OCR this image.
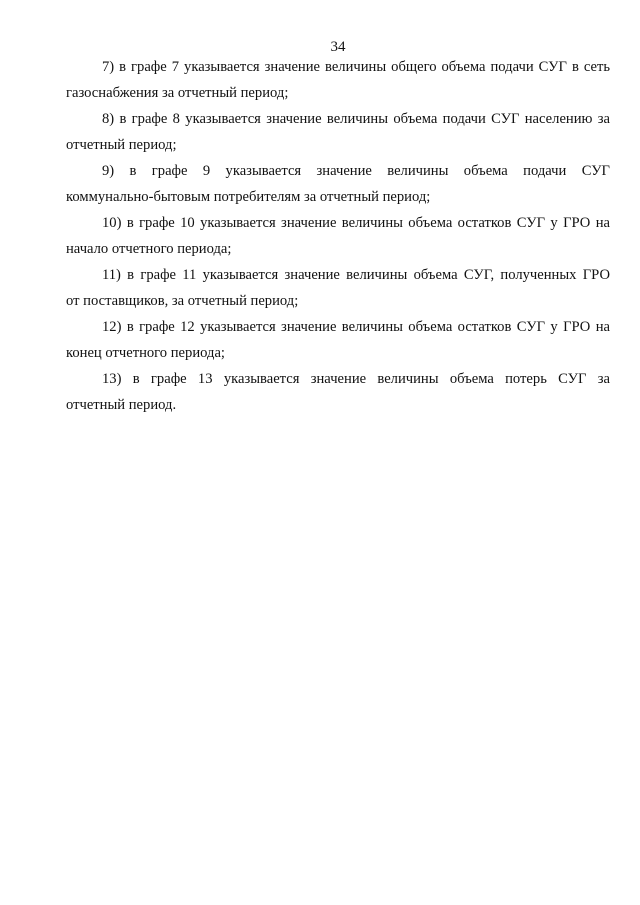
34
7) в графе 7 указывается значение величины общего объема подачи СУГ в сеть
газоснабжения за отчетный период;
8) в графе 8 указывается значение величины объема подачи СУГ населению за
отчетный период;
9) в графе 9 указывается значение величины объема подачи СУГ
коммунально-бытовым потребителям за отчетный период;
10) в графе 10 указывается значение величины объема остатков СУГ у ГРО на
начало отчетного периода;
11) в графе 11 указывается значение величины объема СУГ, полученных ГРО
от поставщиков, за отчетный период;
12) в графе 12 указывается значение величины объема остатков СУГ у ГРО на
конец отчетного периода;
13) в графе 13 указывается значение величины объема потерь СУГ за
отчетный период.
